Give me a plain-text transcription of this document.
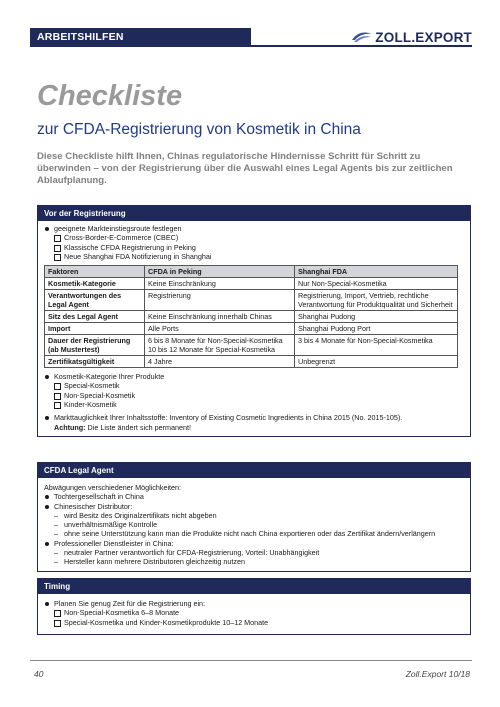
ARBEITSHILFEN	ZOLL.EXPORT
Checkliste
zur CFDA-Registrierung von Kosmetik in China
Diese Checkliste hilft Ihnen, Chinas regulatorische Hindernisse Schritt für Schritt zu überwinden – von der Registrierung über die Auswahl eines Legal Agents bis zur zeitlichen Ablaufplanung.
Vor der Registrierung
geeignete Markteinstiegsroute festlegen
Cross-Border-E-Commerce (CBEC)
Klassische CFDA Registrierung in Peking
Neue Shanghai FDA Notifizierung in Shanghai
Faktoren	CFDA in Peking	Shanghai FDA
Kosmetik-Kategorie	Keine Einschränkung	Nur Non-Special-Kosmetika
Verantwortungen des Legal Agent	Registrierung	Registrierung, Import, Vertrieb, rechtliche Verantwortung für Produktqualität und Sicherheit
Sitz des Legal Agent	Keine Einschränkung innerhalb Chinas	Shanghai Pudong
Import	Alle Ports	Shanghai Pudong Port
Dauer der Registrierung (ab Mustertest)	6 bis 8 Monate für Non-Special-Kosmetika 10 bis 12 Monate für Special-Kosmetika	3 bis 4 Monate für Non-Special-Kosmetika
Zertifikatsgültigkeit	4 Jahre	Unbegrenzt
Kosmetik-Kategorie Ihrer Produkte
Special-Kosmetik
Non-Special-Kosmetik
Kinder-Kosmetik
Markttauglichkeit Ihrer Inhaltsstoffe: Inventory of Existing Cosmetic Ingredients in China 2015 (No. 2015-105).
Achtung: Die Liste ändert sich permanent!
CFDA Legal Agent
Abwägungen verschiedener Möglichkeiten:
Tochtergesellschaft in China
Chinesischer Distributor:
– wird Besitz des Originalzertifikats nicht abgeben
– unverhältnismäßige Kontrolle
– ohne seine Unterstützung kann man die Produkte nicht nach China exportieren oder das Zertifikat ändern/verlängern
Professioneller Dienstleister in China:
– neutraler Partner verantwortlich für CFDA-Registrierung, Vorteil: Unabhängigkeit
– Hersteller kann mehrere Distributoren gleichzeitig nutzen
Timing
Planen Sie genug Zeit für die Registrierung ein:
Non-Special-Kosmetika 6–8 Monate
Special-Kosmetika und Kinder-Kosmetikprodukte 10–12 Monate
40	Zoll.Export 10/18
